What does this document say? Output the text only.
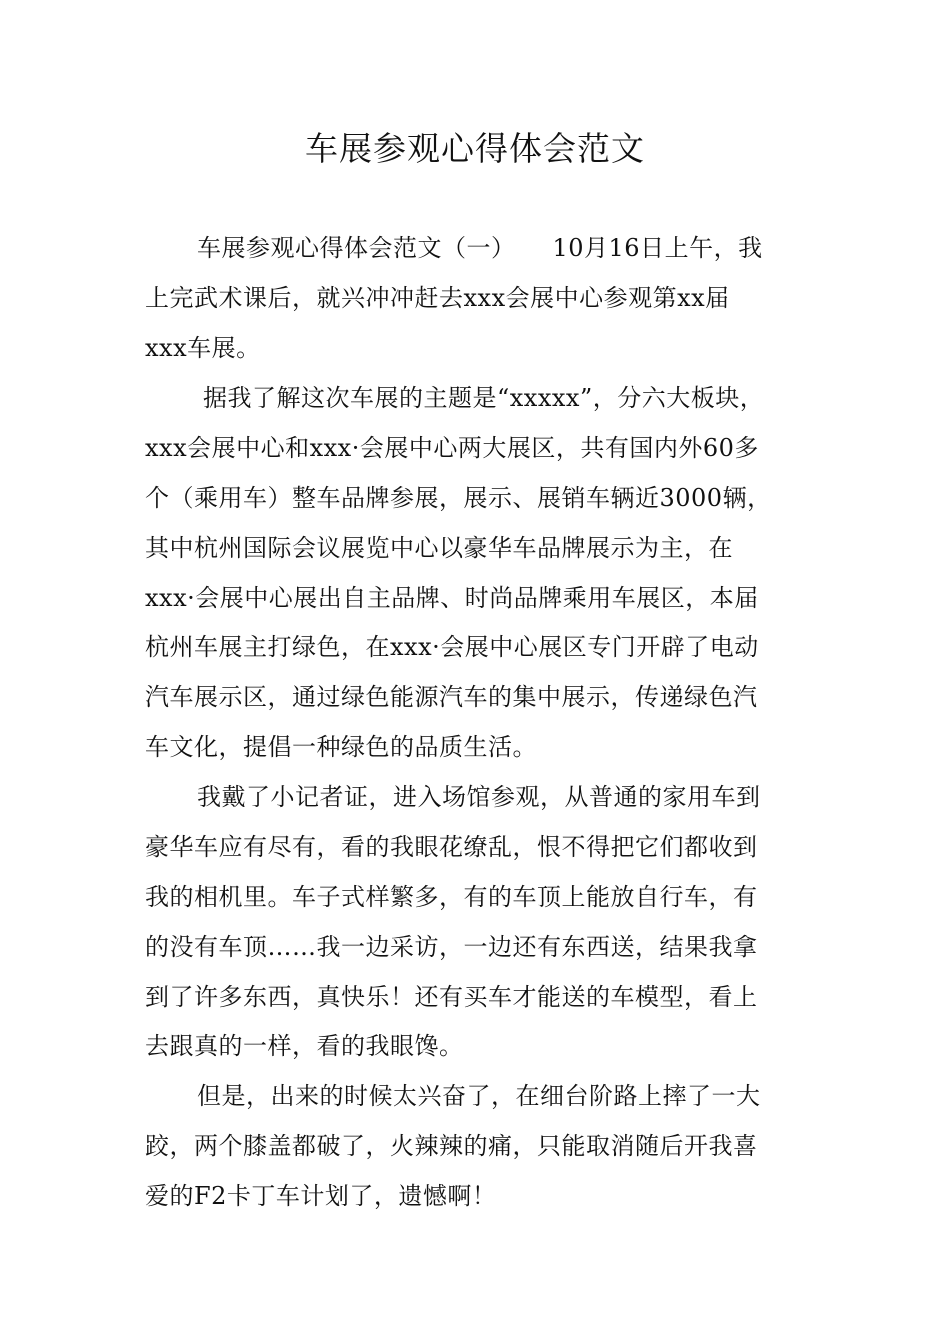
车展参观心得体会范文
车展参观心得体会范文（一）　　10月16日上午，我
上完武术课后，就兴冲冲赶去xxx会展中心参观第xx届
xxx车展。
据我了解这次车展的主题是“xxxxx”，分六大板块，
xxx会展中心和xxx·会展中心两大展区，共有国内外60多
个（乘用车）整车品牌参展，展示、展销车辆近3000辆，
其中杭州国际会议展览中心以豪华车品牌展示为主，在
xxx·会展中心展出自主品牌、时尚品牌乘用车展区，本届
杭州车展主打绿色，在xxx·会展中心展区专门开辟了电动
汽车展示区，通过绿色能源汽车的集中展示，传递绿色汽
车文化，提倡一种绿色的品质生活。
我戴了小记者证，进入场馆参观，从普通的家用车到
豪华车应有尽有，看的我眼花缭乱，恨不得把它们都收到
我的相机里。车子式样繁多，有的车顶上能放自行车，有
的没有车顶……我一边采访，一边还有东西送，结果我拿
到了许多东西，真快乐！还有买车才能送的车模型，看上
去跟真的一样，看的我眼馋。
但是，出来的时候太兴奋了，在细台阶路上摔了一大
跤，两个膝盖都破了，火辣辣的痛，只能取消随后开我喜
爱的F2卡丁车计划了，遗憾啊！
